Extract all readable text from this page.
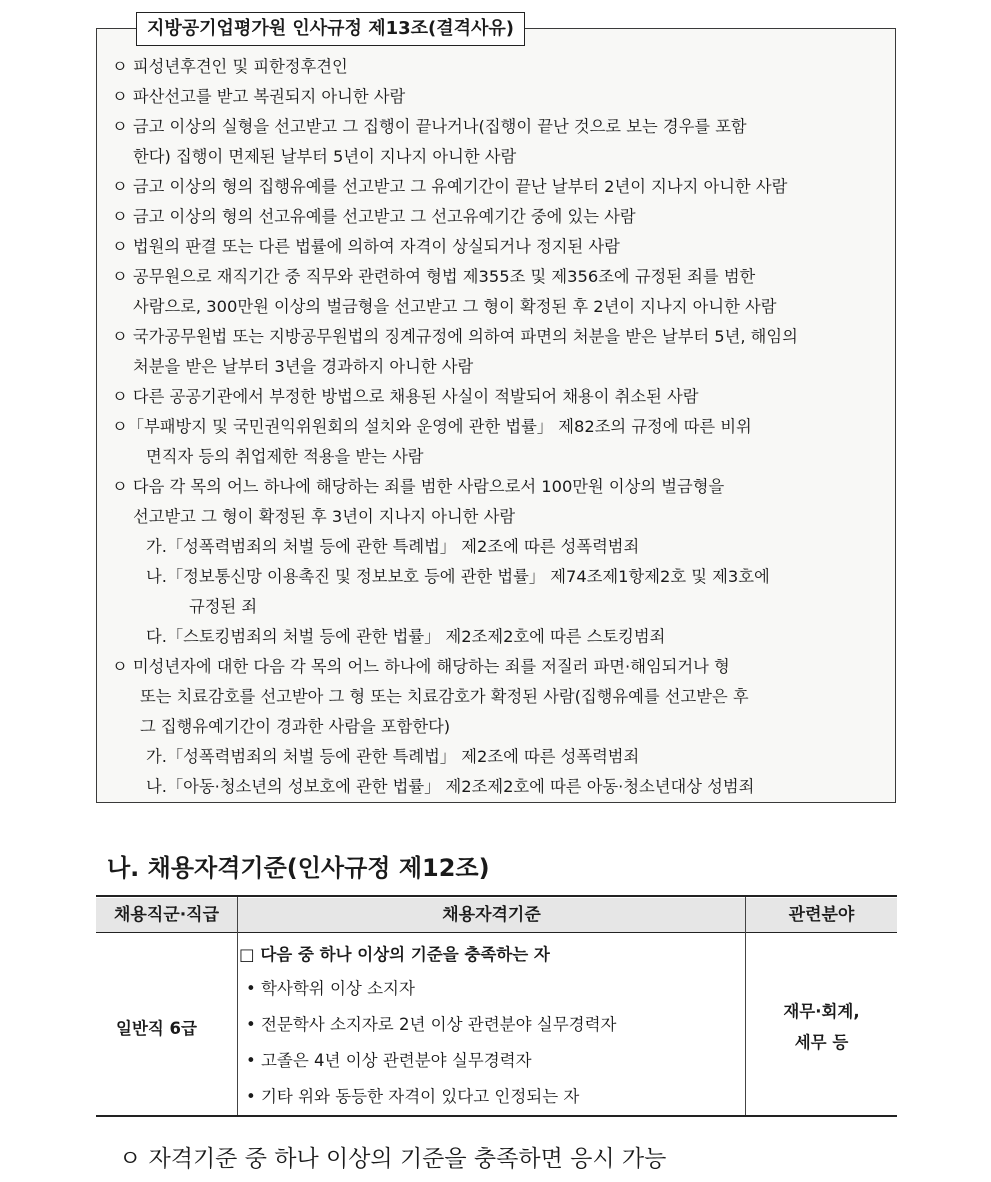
지방공기업평가원 인사규정 제13조(결격사유)
ㅇ 피성년후견인 및 피한정후견인
ㅇ 파산선고를 받고 복권되지 아니한 사람
ㅇ 금고 이상의 실형을 선고받고 그 집행이 끝나거나(집행이 끝난 것으로 보는 경우를 포함
한다) 집행이 면제된 날부터 5년이 지나지 아니한 사람
ㅇ 금고 이상의 형의 집행유예를 선고받고 그 유예기간이 끝난 날부터 2년이 지나지 아니한 사람
ㅇ 금고 이상의 형의 선고유예를 선고받고 그 선고유예기간 중에 있는 사람
ㅇ 법원의 판결 또는 다른 법률에 의하여 자격이 상실되거나 정지된 사람
ㅇ 공무원으로 재직기간 중 직무와 관련하여 형법 제355조 및 제356조에 규정된 죄를 범한
사람으로, 300만원 이상의 벌금형을 선고받고 그 형이 확정된 후 2년이 지나지 아니한 사람
ㅇ 국가공무원법 또는 지방공무원법의 징계규정에 의하여 파면의 처분을 받은 날부터 5년, 해임의
처분을 받은 날부터 3년을 경과하지 아니한 사람
ㅇ 다른 공공기관에서 부정한 방법으로 채용된 사실이 적발되어 채용이 취소된 사람
ㅇ「부패방지 및 국민권익위원회의 설치와 운영에 관한 법률」 제82조의 규정에 따른 비위
면직자 등의 취업제한 적용을 받는 사람
ㅇ 다음 각 목의 어느 하나에 해당하는 죄를 범한 사람으로서 100만원 이상의 벌금형을
선고받고 그 형이 확정된 후 3년이 지나지 아니한 사람
가.「성폭력범죄의 처벌 등에 관한 특례법」 제2조에 따른 성폭력범죄
나.「정보통신망 이용촉진 및 정보보호 등에 관한 법률」 제74조제1항제2호 및 제3호에
규정된 죄
다.「스토킹범죄의 처벌 등에 관한 법률」 제2조제2호에 따른 스토킹범죄
ㅇ 미성년자에 대한 다음 각 목의 어느 하나에 해당하는 죄를 저질러 파면·해임되거나 형
또는 치료감호를 선고받아 그 형 또는 치료감호가 확정된 사람(집행유예를 선고받은 후
그 집행유예기간이 경과한 사람을 포함한다)
가.「성폭력범죄의 처벌 등에 관한 특례법」 제2조에 따른 성폭력범죄
나.「아동·청소년의 성보호에 관한 법률」 제2조제2호에 따른 아동·청소년대상 성범죄
나. 채용자격기준(인사규정 제12조)
채용직군·직급	채용자격기준	관련분야
일반직 6급
□ 다음 중 하나 이상의 기준을 충족하는 자
• 학사학위 이상 소지자
• 전문학사 소지자로 2년 이상 관련분야 실무경력자
• 고졸은 4년 이상 관련분야 실무경력자
• 기타 위와 동등한 자격이 있다고 인정되는 자
재무·회계,
세무 등
ㅇ 자격기준 중 하나 이상의 기준을 충족하면 응시 가능
